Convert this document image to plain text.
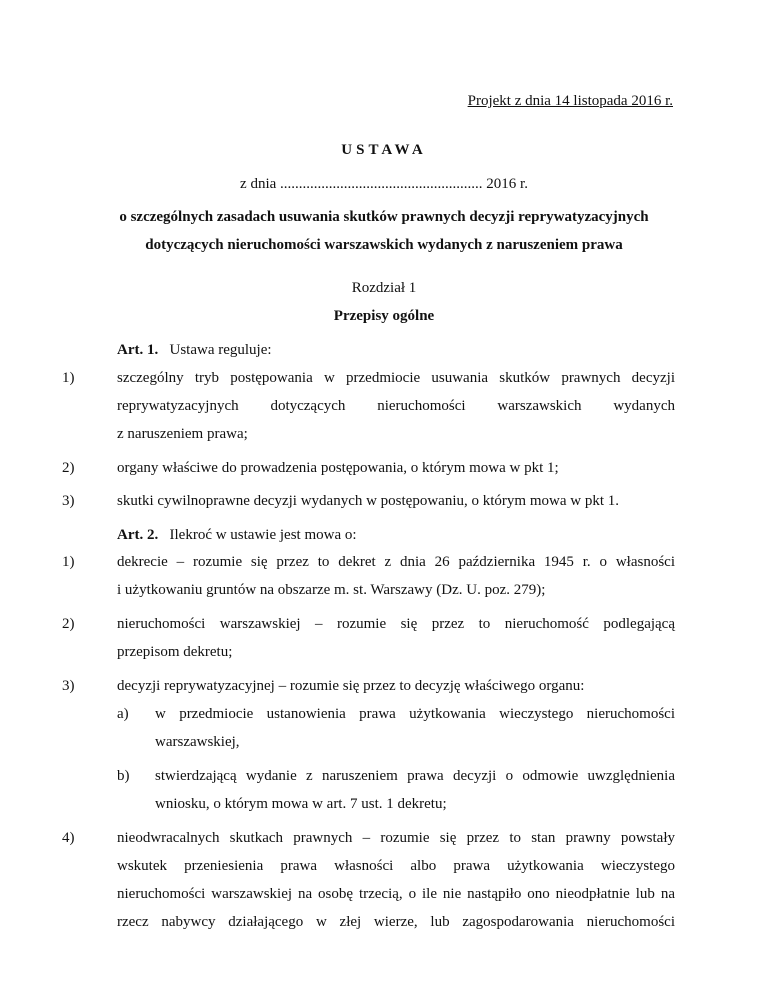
Projekt z dnia 14 listopada 2016 r.
USTAWA
z dnia ...................................................... 2016 r.
o szczególnych zasadach usuwania skutków prawnych decyzji reprywatyzacyjnych
dotyczących nieruchomości warszawskich wydanych z naruszeniem prawa
Rozdział 1
Przepisy ogólne
Art. 1. Ustawa reguluje:
1)	szczególny tryb postępowania w przedmiocie usuwania skutków prawnych decyzji
reprywatyzacyjnych dotyczących nieruchomości warszawskich wydanych
z naruszeniem prawa;
2)	organy właściwe do prowadzenia postępowania, o którym mowa w pkt 1;
3)	skutki cywilnoprawne decyzji wydanych w postępowaniu, o którym mowa w pkt 1.
Art. 2. Ilekroć w ustawie jest mowa o:
1)	dekrecie – rozumie się przez to dekret z dnia 26 października 1945 r. o własności
i użytkowaniu gruntów na obszarze m. st. Warszawy (Dz. U. poz. 279);
2)	nieruchomości warszawskiej – rozumie się przez to nieruchomość podlegającą
przepisom dekretu;
3)	decyzji reprywatyzacyjnej – rozumie się przez to decyzję właściwego organu:
a) w przedmiocie ustanowienia prawa użytkowania wieczystego nieruchomości
warszawskiej,
b) stwierdzającą wydanie z naruszeniem prawa decyzji o odmowie uwzględnienia
wniosku, o którym mowa w art. 7 ust. 1 dekretu;
4)	nieodwracalnych skutkach prawnych – rozumie się przez to stan prawny powstały
wskutek przeniesienia prawa własności albo prawa użytkowania wieczystego
nieruchomości warszawskiej na osobę trzecią, o ile nie nastąpiło ono nieodpłatnie lub na
rzecz nabywcy działającego w złej wierze, lub zagospodarowania nieruchomości
